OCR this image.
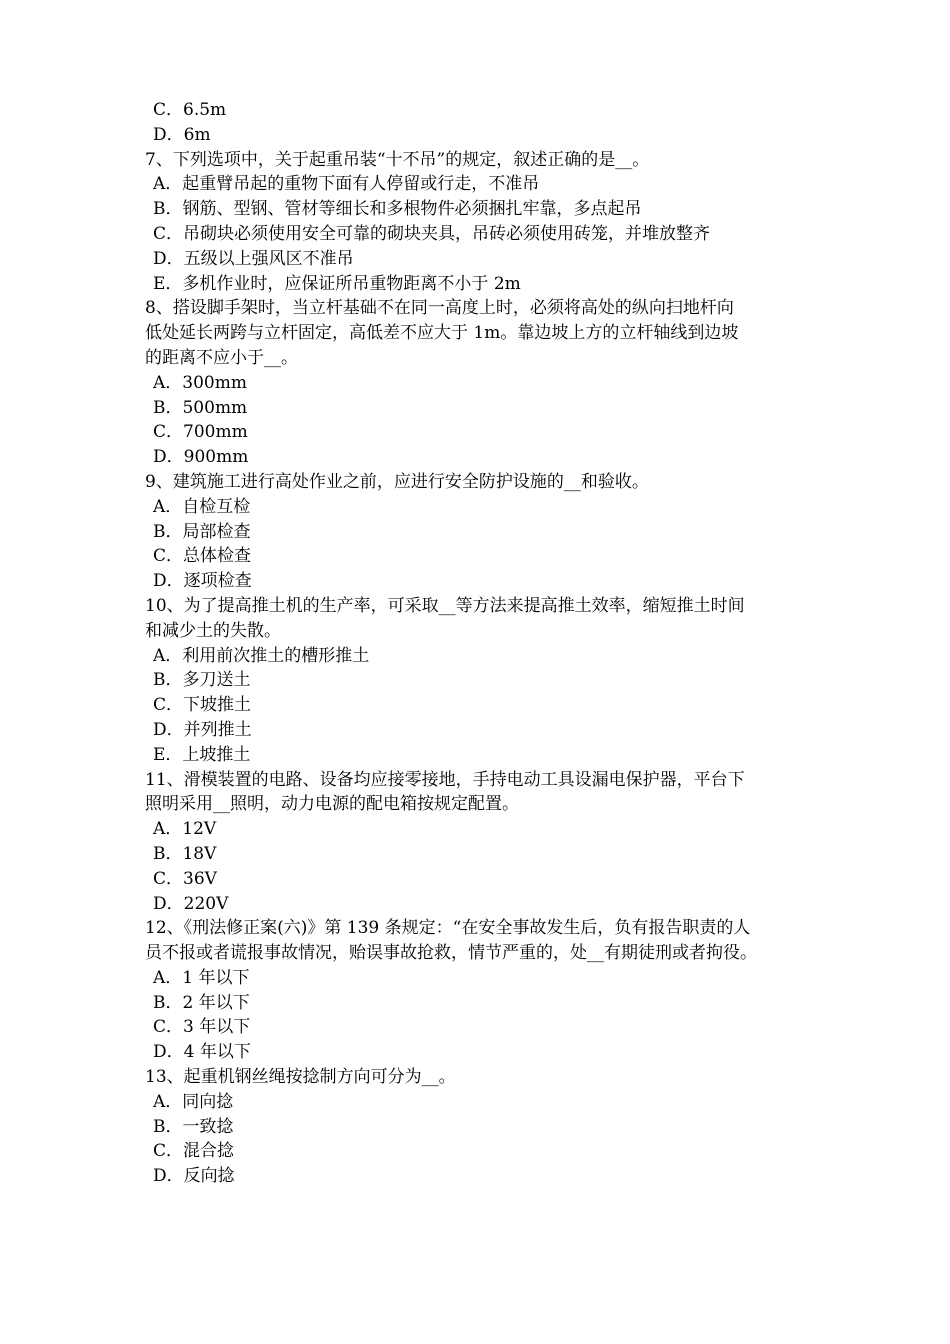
C．6.5m
D．6m
7、下列选项中，关于起重吊装“十不吊”的规定，叙述正确的是__。
A．起重臂吊起的重物下面有人停留或行走，不准吊
B．钢筋、型钢、管材等细长和多根物件必须捆扎牢靠，多点起吊
C．吊砌块必须使用安全可靠的砌块夹具，吊砖必须使用砖笼，并堆放整齐
D．五级以上强风区不准吊
E．多机作业时，应保证所吊重物距离不小于 2m
8、搭设脚手架时，当立杆基础不在同一高度上时，必须将高处的纵向扫地杆向
低处延长两跨与立杆固定，高低差不应大于 1m。靠边坡上方的立杆轴线到边坡
的距离不应小于__。
A．300mm
B．500mm
C．700mm
D．900mm
9、建筑施工进行高处作业之前，应进行安全防护设施的__和验收。
A．自检互检
B．局部检查
C．总体检查
D．逐项检查
10、为了提高推土机的生产率，可采取__等方法来提高推土效率，缩短推土时间
和减少土的失散。
A．利用前次推土的槽形推土
B．多刀送土
C．下坡推土
D．并列推土
E．上坡推土
11、滑模装置的电路、设备均应接零接地，手持电动工具设漏电保护器，平台下
照明采用__照明，动力电源的配电箱按规定配置。
A．12V
B．18V
C．36V
D．220V
12、《刑法修正案(六)》第 139 条规定：“在安全事故发生后，负有报告职责的人
员不报或者谎报事故情况，贻误事故抢救，情节严重的，处__有期徒刑或者拘役。
A．1 年以下
B．2 年以下
C．3 年以下
D．4 年以下
13、起重机钢丝绳按捻制方向可分为__。
A．同向捻
B．一致捻
C．混合捻
D．反向捻
